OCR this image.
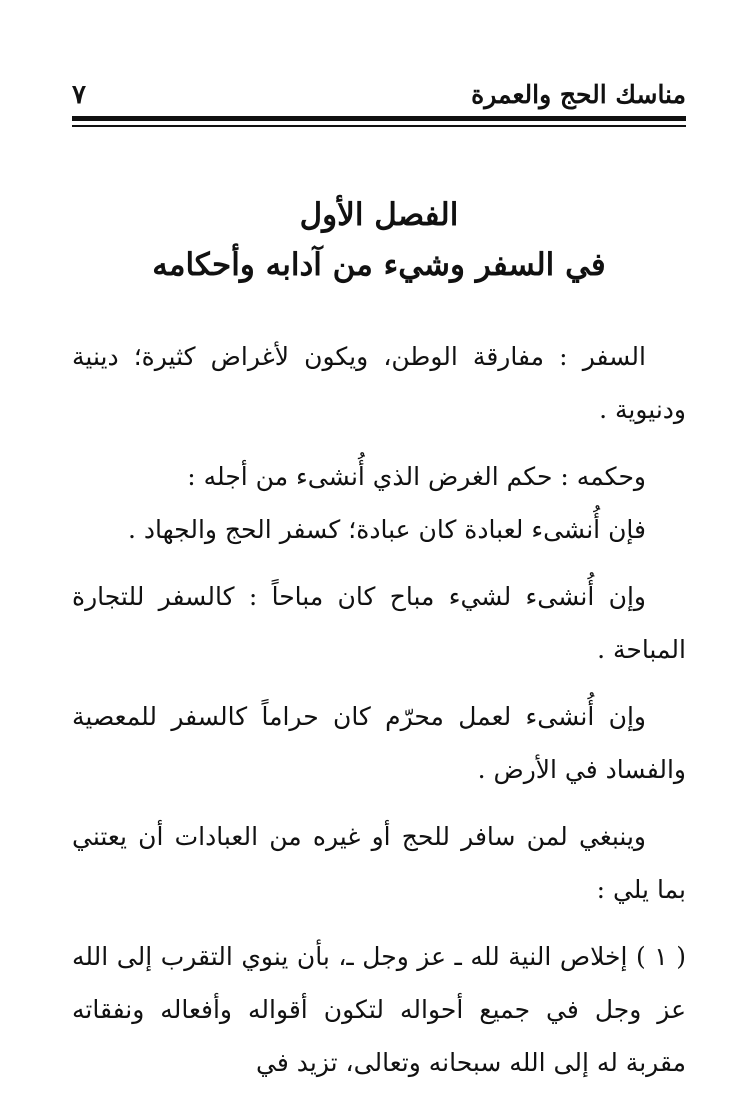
مناسك الحج والعمرة
٧
الفصل الأول
في السفر وشيء من آدابه وأحكامه

السفر : مفارقة الوطن، ويكون لأغراض كثيرة؛ دينية ودنيوية .

وحكمه : حكم الغرض الذي أُنشىء من أجله :

فإن أُنشىء لعبادة كان عبادة؛ كسفر الحج والجهاد .

وإن أُنشىء لشيء مباح كان مباحاً : كالسفر للتجارة المباحة .

وإن أُنشىء لعمل محرّم كان حراماً كالسفر للمعصية والفساد في الأرض .

وينبغي لمن سافر للحج أو غيره من العبادات أن يعتني بما يلي :

( ١ ) إخلاص النية لله ـ عز وجل ـ، بأن ينوي التقرب إلى الله عز وجل في جميع أحواله لتكون أقواله وأفعاله ونفقاته مقربة له إلى الله سبحانه وتعالى، تزيد في
